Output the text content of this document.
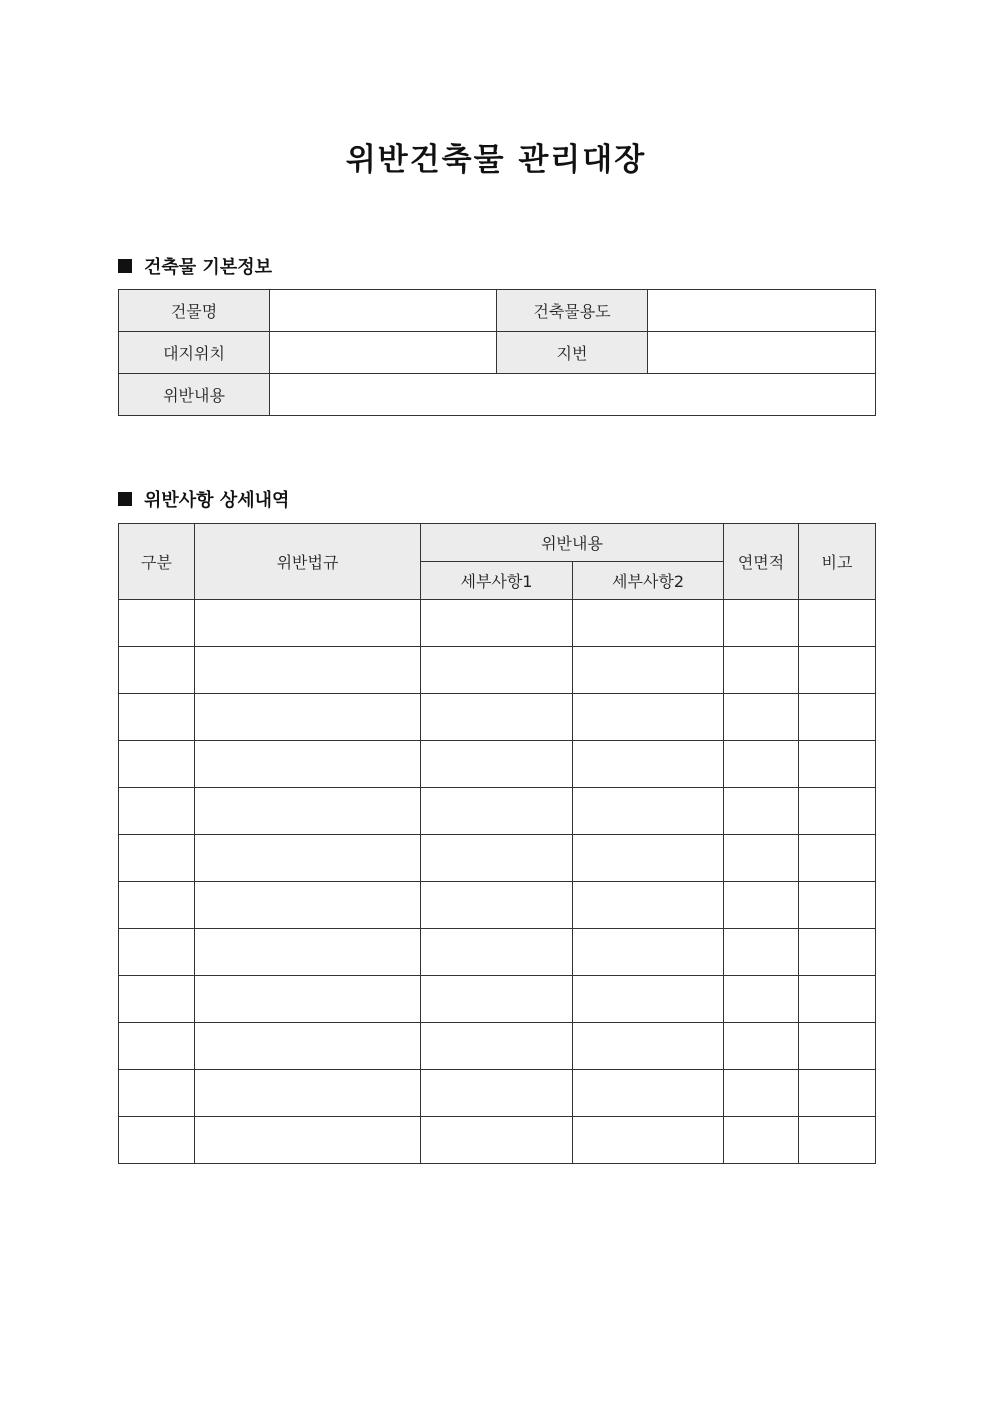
위반건축물 관리대장
건축물 기본정보
건물명		건축물용도	
대지위치		지번	
위반내용			
위반사항 상세내역
구분	위반법규	위반내용		연면적	비고
		세부사항1	세부사항2		
